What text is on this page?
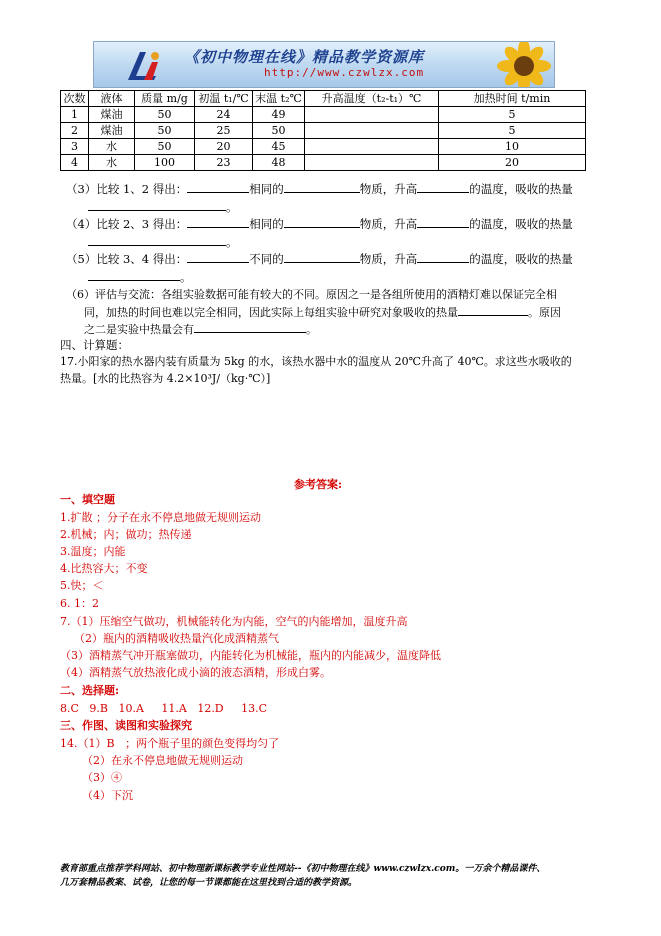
《初中物理在线》精品教学资源库
http://www.czwlzx.com
次数	液体	质量 m/g	初温 t₁/℃	末温 t₂℃	升高温度（t₂-t₁）℃	加热时间 t/min
1	煤油	50	24	49		5
2	煤油	50	25	50		5
3	水	50	20	45		10
4	水	100	23	48		20
（3）比较 1、2 得出：	相同的	物质，升高	的温度，吸收的热量
。
（4）比较 2、3 得出：	相同的	物质，升高	的温度，吸收的热量
。
（5）比较 3、4 得出：	不同的	物质，升高	的温度，吸收的热量
。
（6）评估与交流：各组实验数据可能有较大的不同。原因之一是各组所使用的酒精灯难以保证完全相
同，加热的时间也难以完全相同，因此实际上每组实验中研究对象吸收的热量	。原因
之二是实验中热量会有	。
四、计算题：
17.小阳家的热水器内装有质量为 5kg 的水，该热水器中水的温度从 20℃升高了 40℃。求这些水吸收的
热量。[水的比热容为 4.2×10³J/（kg·℃）]
参考答案:
一、填空题
1.扩散 ；分子在永不停息地做无规则运动
2.机械；内；做功；热传递
3.温度；内能
4.比热容大；不变
5.快；＜
6. 1：2
7.（1）压缩空气做功，机械能转化为内能，空气的内能增加，温度升高
（2）瓶内的酒精吸收热量汽化成酒精蒸气
（3）酒精蒸气冲开瓶塞做功，内能转化为机械能，瓶内的内能减少，温度降低
（4）酒精蒸气放热液化成小滴的液态酒精，形成白雾。
二、选择题:
8.C   9.B   10.A     11.A   12.D     13.C
三、作图、读图和实验探究
14.（1）B   ；两个瓶子里的颜色变得均匀了
（2）在永不停息地做无规则运动
（3）④
（4）下沉
教育部重点推荐学科网站、初中物理新课标教学专业性网站--《初中物理在线》www.czwlzx.com。一万余个精品课件、
几万套精品教案、试卷，让您的每一节课都能在这里找到合适的教学资源。
